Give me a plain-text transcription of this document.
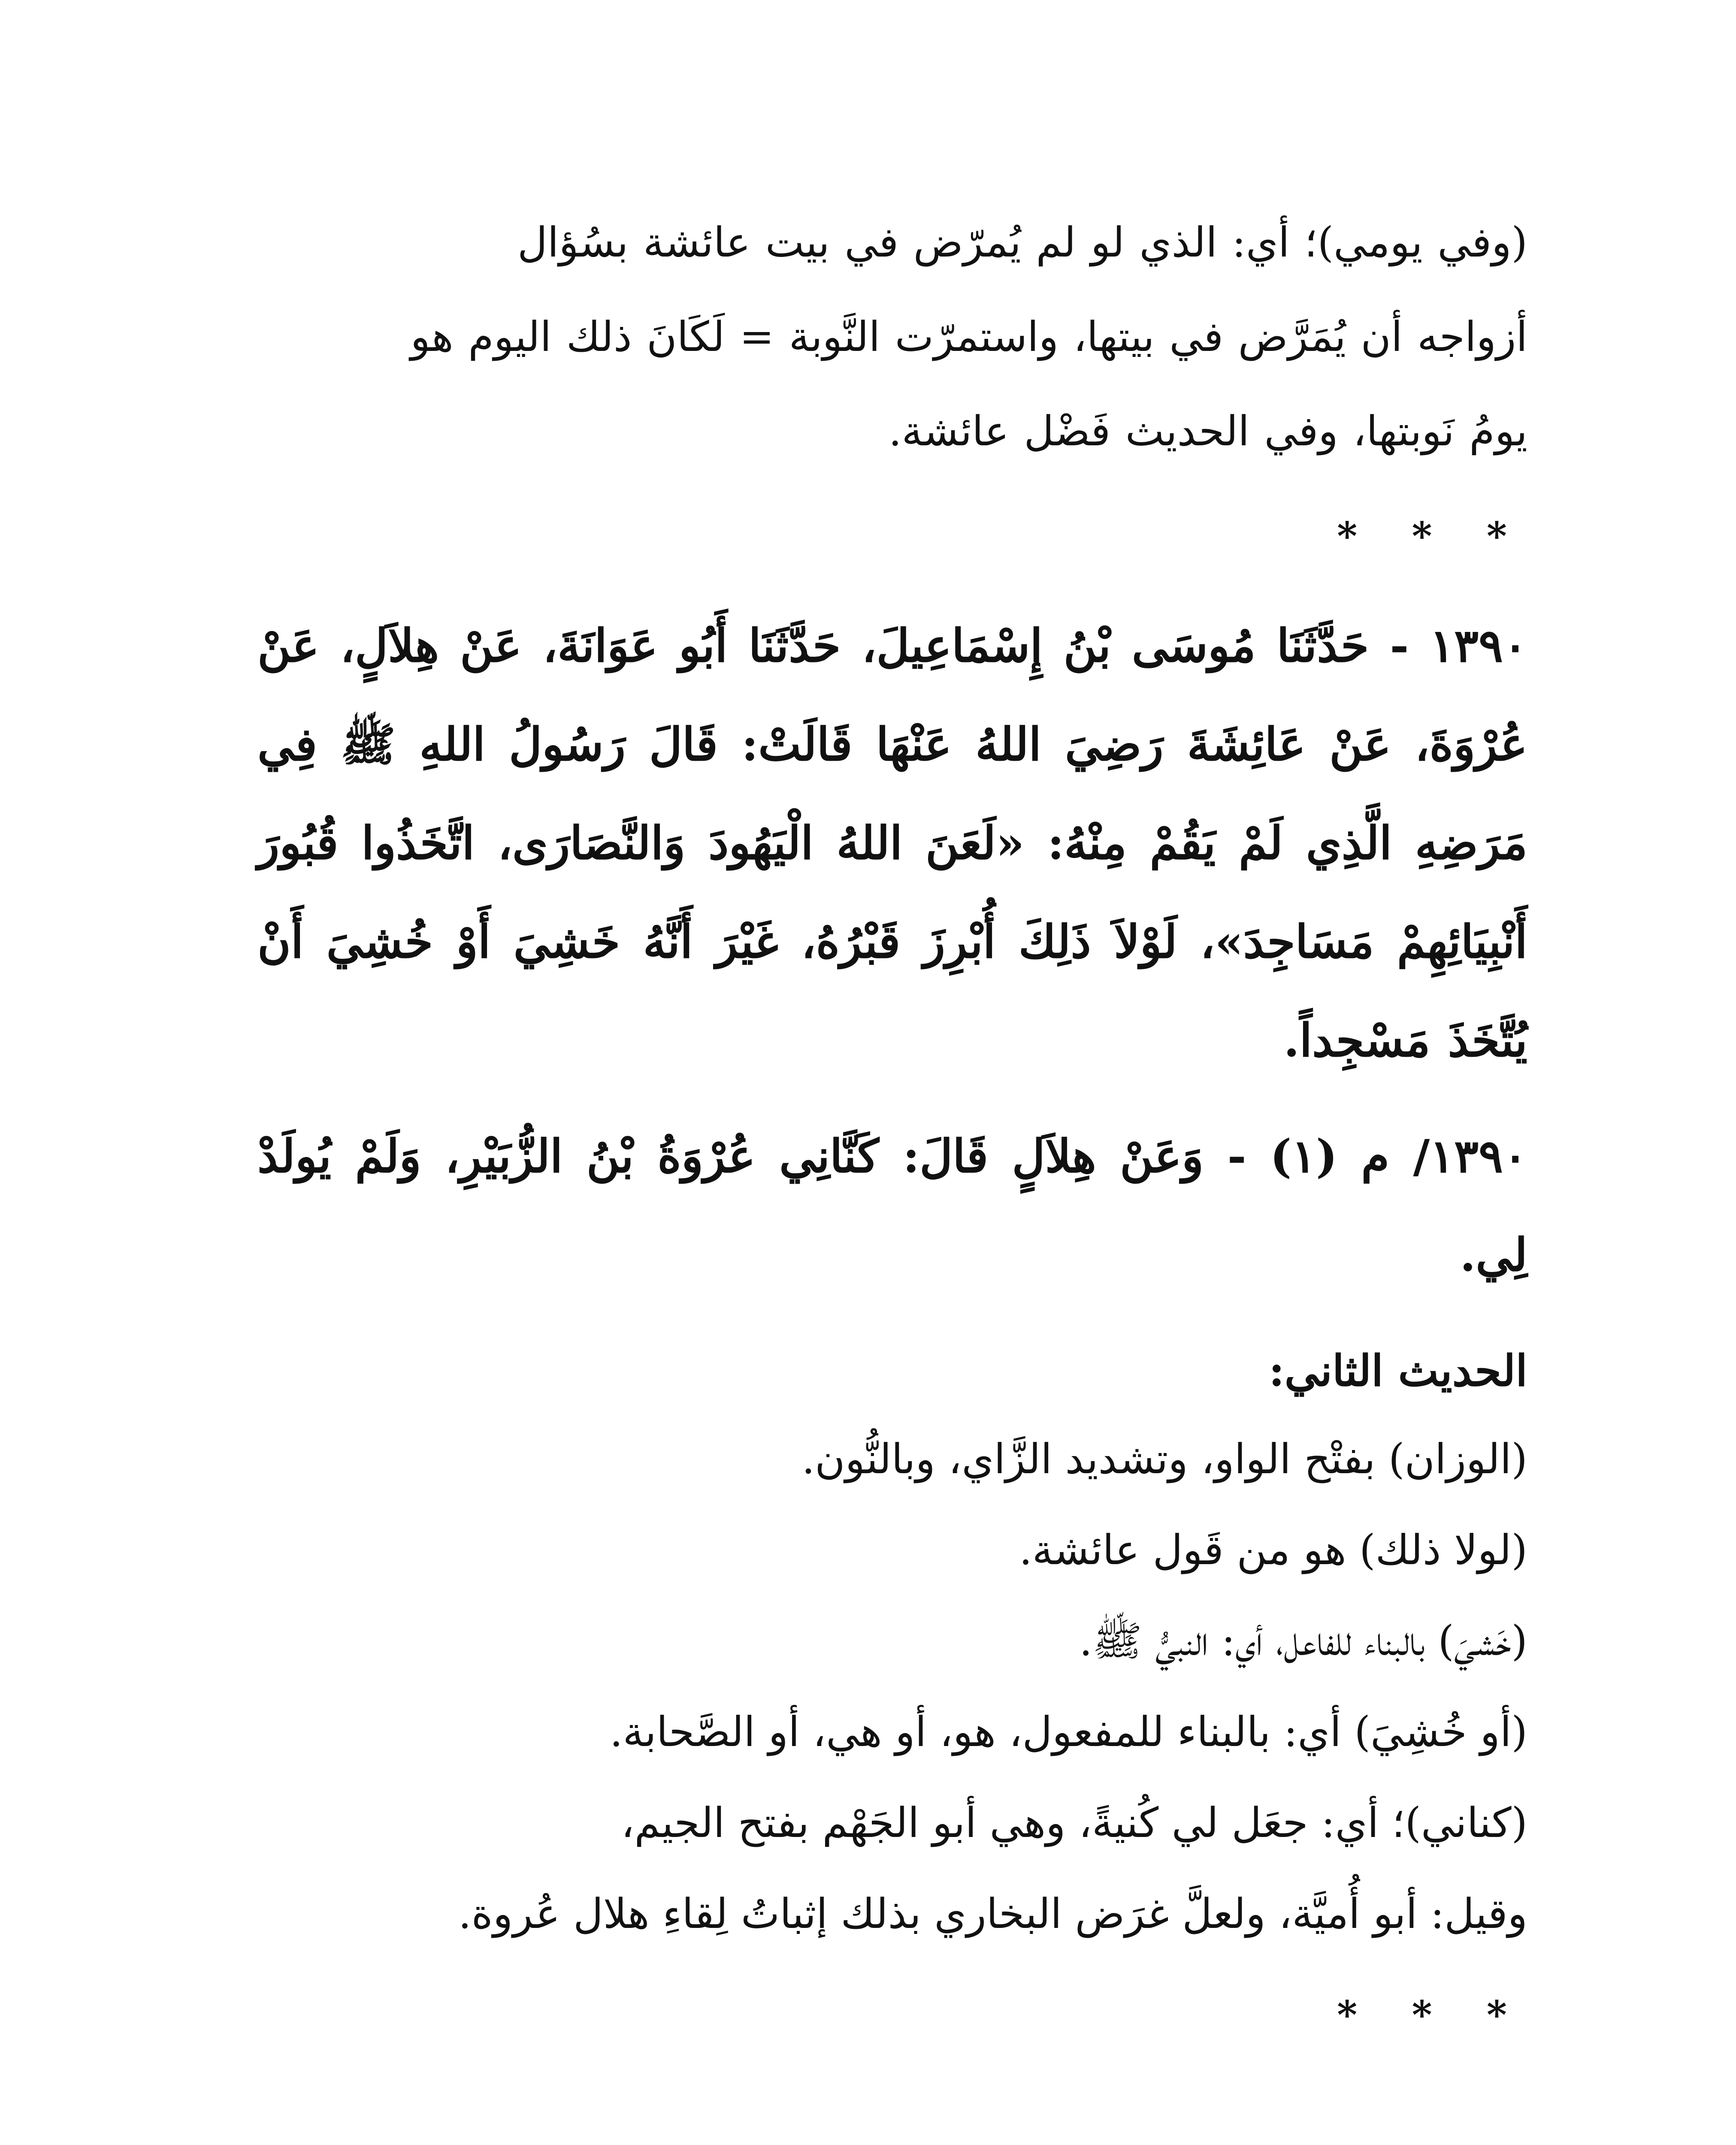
(وفي يومي)؛ أي: الذي لو لم يُمرّض في بيت عائشة بسُؤال

أزواجه أن يُمَرَّض في بيتها، واستمرّت النَّوبة = لَكَانَ ذلك اليوم هو

يومُ نَوبتها، وفي الحديث فَضْل عائشة.

* * *

١٣٩٠ - حَدَّثَنَا مُوسَى بْنُ إِسْمَاعِيلَ، حَدَّثَنَا أَبُو عَوَانَةَ، عَنْ هِلاَلٍ، عَنْ عُرْوَةَ، عَنْ عَائِشَةَ رَضِيَ اللهُ عَنْهَا قَالَتْ: قَالَ رَسُولُ اللهِ ﷺ فِي مَرَضِهِ الَّذِي لَمْ يَقُمْ مِنْهُ: «لَعَنَ اللهُ الْيَهُودَ وَالنَّصَارَى، اتَّخَذُوا قُبُورَ أَنْبِيَائِهِمْ مَسَاجِدَ»، لَوْلاَ ذَلِكَ أُبْرِزَ قَبْرُهُ، غَيْرَ أَنَّهُ خَشِيَ أَوْ خُشِيَ أَنْ يُتَّخَذَ مَسْجِداً.

١٣٩٠/ م (١) - وَعَنْ هِلاَلٍ قَالَ: كَنَّانِي عُرْوَةُ بْنُ الزُّبَيْرِ، وَلَمْ يُولَدْ لِي.

الحديث الثاني:

(الوزان) بفتْح الواو، وتشديد الزَّاي، وبالنُّون.

(لولا ذلك) هو من قَول عائشة.

(خَشيَ) بالبناء للفاعل، أي: النبيُّ ﷺ.

(أو خُشِيَ) أي: بالبناء للمفعول، هو، أو هي، أو الصَّحابة.

(كناني)؛ أي: جعَل لي كُنيةً، وهي أبو الجَهْم بفتح الجيم،

وقيل: أبو أُميَّة، ولعلَّ غرَض البخاري بذلك إثباتُ لِقاءِ هلال عُروة.

* * *
